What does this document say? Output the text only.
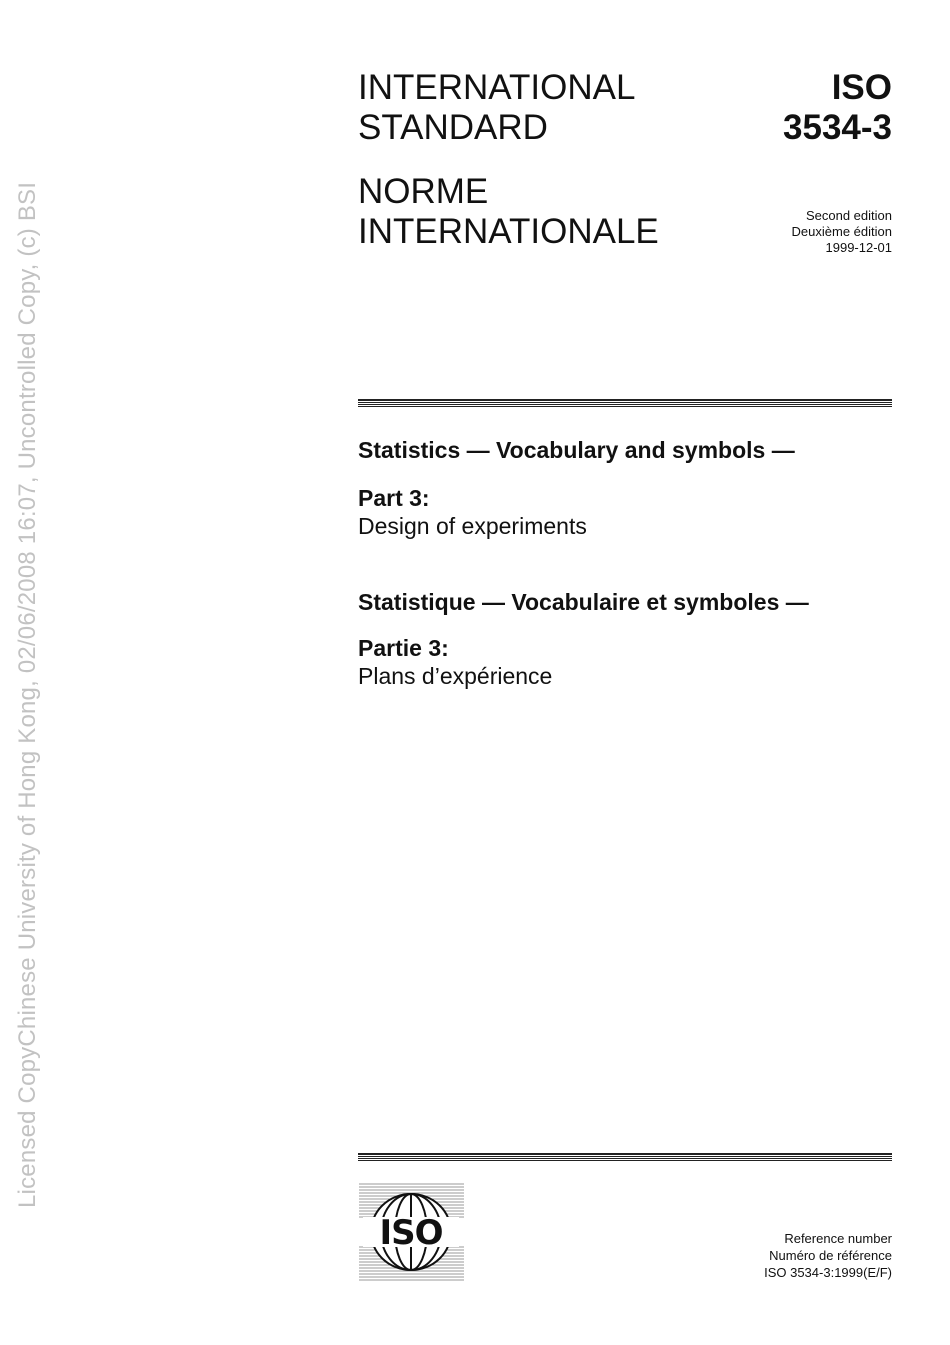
Licensed CopyChinese University of Hong Kong, 02/06/2008 16:07, Uncontrolled Copy, (c) BSI
INTERNATIONAL
STANDARD
NORME
INTERNATIONALE
ISO
3534-3
Second edition
Deuxième édition
1999-12-01
Statistics — Vocabulary and symbols —
Part 3:
Design of experiments
Statistique — Vocabulaire et symboles —
Partie 3:
Plans d’expérience
ISO	Reference number
Numéro de référence
ISO 3534-3:1999(E/F)
